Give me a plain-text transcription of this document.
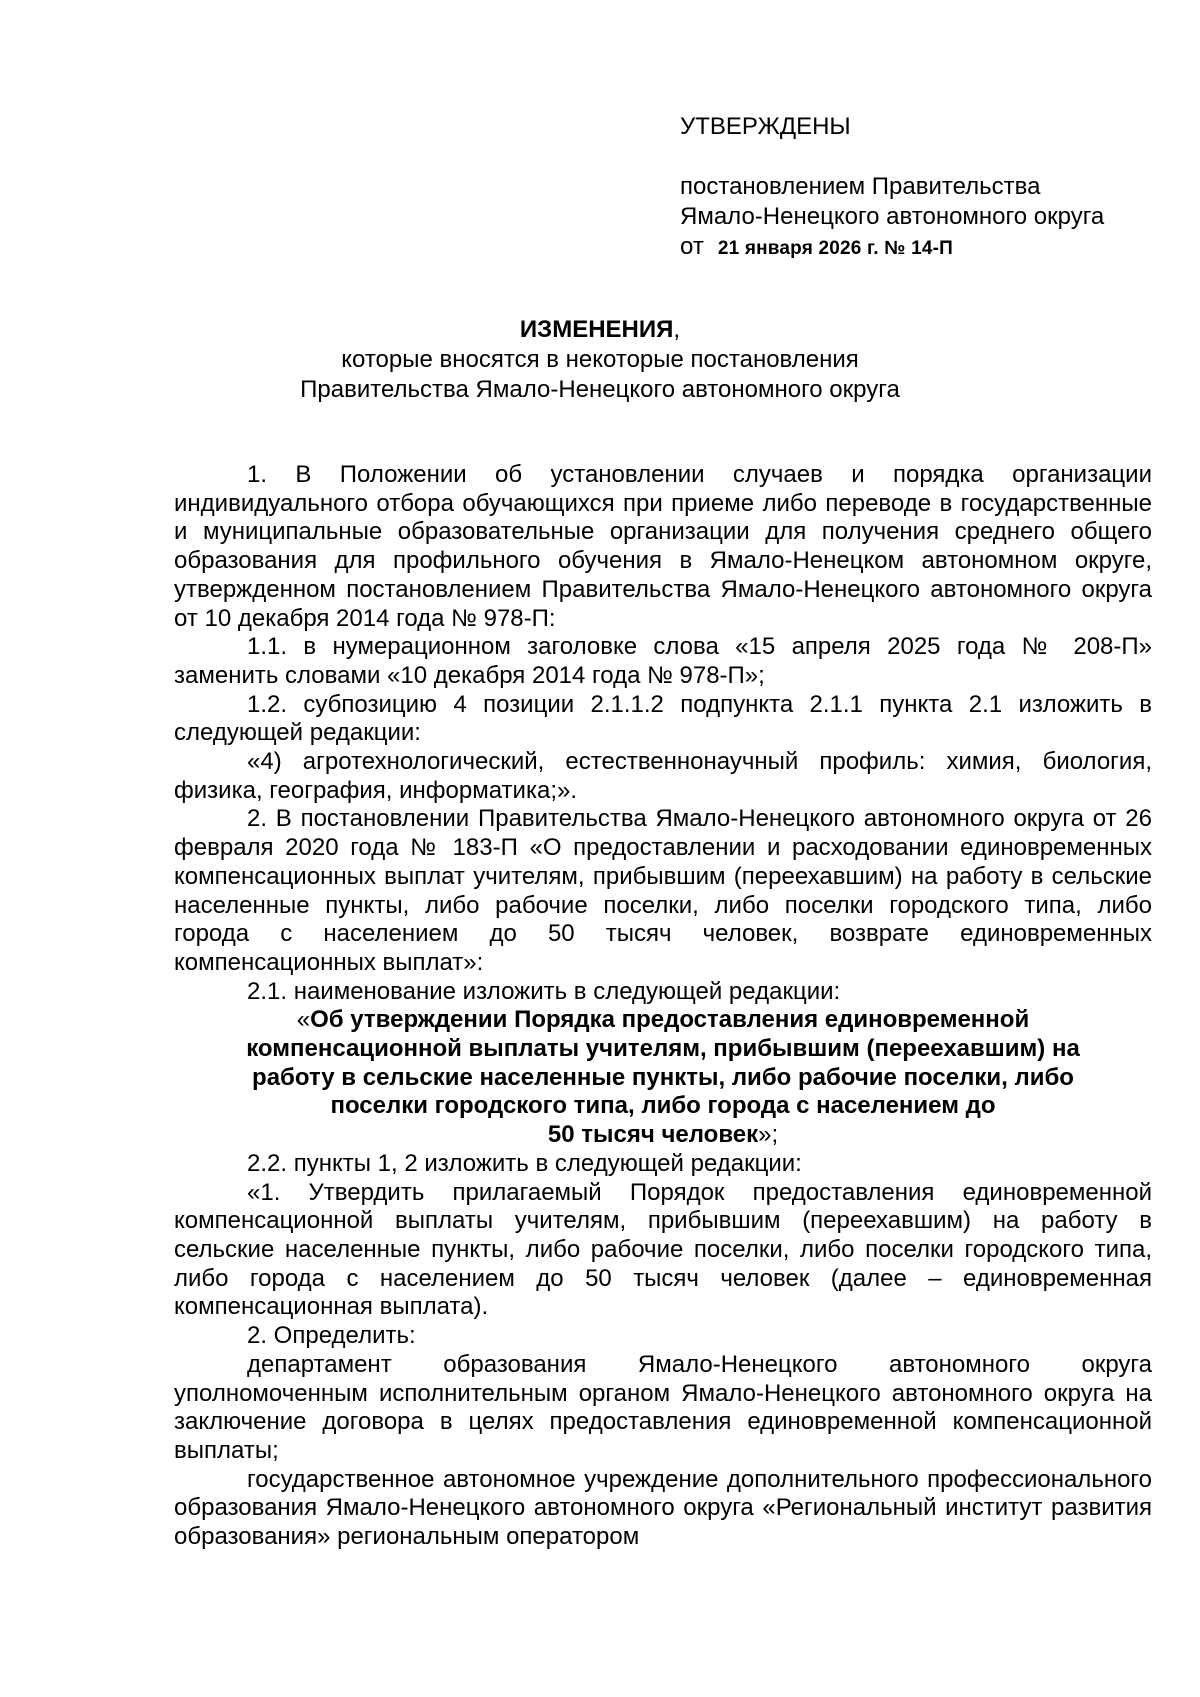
УТВЕРЖДЕНЫ
постановлением Правительства
Ямало-Ненецкого автономного округа
от 21 января 2026 г. № 14-П
ИЗМЕНЕНИЯ,
которые вносятся в некоторые постановления
Правительства Ямало-Ненецкого автономного округа

1. В Положении об установлении случаев и порядка организации индивидуального отбора обучающихся при приеме либо переводе в государственные и муниципальные образовательные организации для получения среднего общего образования для профильного обучения в Ямало-Ненецком автономном округе, утвержденном постановлением Правительства Ямало-Ненецкого автономного округа от 10 декабря 2014 года № 978-П:

1.1. в нумерационном заголовке слова «15 апреля 2025 года № 208-П» заменить словами «10 декабря 2014 года № 978-П»;

1.2. субпозицию 4 позиции 2.1.1.2 подпункта 2.1.1 пункта 2.1 изложить в следующей редакции:

«4) агротехнологический, естественнонаучный профиль: химия, биология, физика, география, информатика;».

2. В постановлении Правительства Ямало-Ненецкого автономного округа от 26 февраля 2020 года № 183-П «О предоставлении и расходовании единовременных компенсационных выплат учителям, прибывшим (переехавшим) на работу в сельские населенные пункты, либо рабочие поселки, либо поселки городского типа, либо города с населением до 50 тысяч человек, возврате единовременных компенсационных выплат»:

2.1. наименование изложить в следующей редакции:

«Об утверждении Порядка предоставления единовременной

компенсационной выплаты учителям, прибывшим (переехавшим) на

работу в сельские населенные пункты, либо рабочие поселки, либо

поселки городского типа, либо города с населением до

50 тысяч человек»;

2.2. пункты 1, 2 изложить в следующей редакции:

«1. Утвердить прилагаемый Порядок предоставления единовременной компенсационной выплаты учителям, прибывшим (переехавшим) на работу в сельские населенные пункты, либо рабочие поселки, либо поселки городского типа, либо города с населением до 50 тысяч человек (далее – единовременная компенсационная выплата).

2. Определить:

департамент образования Ямало-Ненецкого автономного округа уполномоченным исполнительным органом Ямало-Ненецкого автономного округа на заключение договора в целях предоставления единовременной компенсационной выплаты;

государственное автономное учреждение дополнительного профессионального образования Ямало-Ненецкого автономного округа «Региональный институт развития образования» региональным оператором
